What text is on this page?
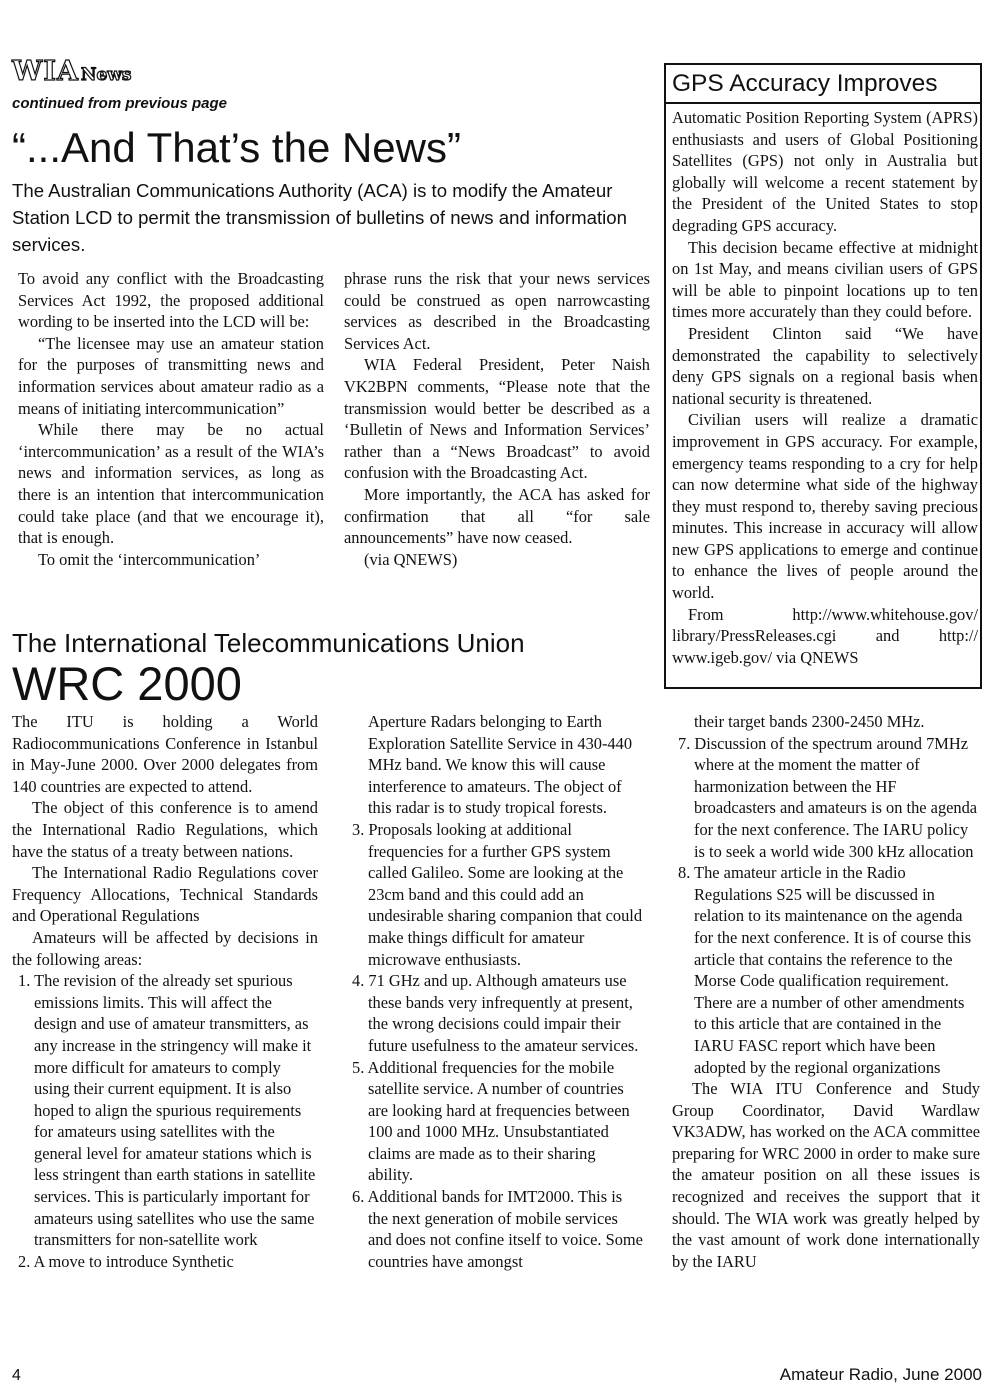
WIA News
continued from previous page
“...And That’s the News”
The Australian Communications Authority (ACA) is to modify the Amateur Station LCD to permit the transmission of bulletins of news and information services.

To avoid any conflict with the Broadcasting Services Act 1992, the proposed additional wording to be inserted into the LCD will be:

“The licensee may use an amateur station for the purposes of transmitting news and information services about amateur radio as a means of initiating intercommunication”

While there may be no actual ‘intercommunication’ as a result of the WIA’s news and information services, as long as there is an intention that intercommunication could take place (and that we encourage it), that is enough.

To omit the ‘intercommunication’

phrase runs the risk that your news services could be construed as open narrowcasting services as described in the Broadcasting Services Act.

WIA Federal President, Peter Naish VK2BPN comments, “Please note that the transmission would better be described as a ‘Bulletin of News and Information Services’ rather than a “News Broadcast” to avoid confusion with the Broadcasting Act.

More importantly, the ACA has asked for confirmation that all “for sale announcements” have now ceased.

(via QNEWS)

GPS Accuracy Improves

Automatic Position Reporting System (APRS) enthusiasts and users of Global Positioning Satellites (GPS) not only in Australia but globally will welcome a recent statement by the President of the United States to stop degrading GPS accuracy.

This decision became effective at midnight on 1st May, and means civilian users of GPS will be able to pinpoint locations up to ten times more accurately than they could before.

President Clinton said “We have demonstrated the capability to selectively deny GPS signals on a regional basis when national security is threatened.

Civilian users will realize a dramatic improvement in GPS accuracy. For example, emergency teams responding to a cry for help can now determine what side of the highway they must respond to, thereby saving precious minutes. This increase in accuracy will allow new GPS applications to emerge and continue to enhance the lives of people around the world.

From http://www.whitehouse.gov/ library/PressReleases.cgi and http:// www.igeb.gov/ via QNEWS

The International Telecommunications Union
WRC 2000

The ITU is holding a World Radiocommunications Conference in Istanbul in May-June 2000. Over 2000 delegates from 140 countries are expected to attend.

The object of this conference is to amend the International Radio Regulations, which have the status of a treaty between nations.

The International Radio Regulations cover Frequency Allocations, Technical Standards and Operational Regulations

Amateurs will be affected by decisions in the following areas:

1. The revision of the already set spurious emissions limits. This will affect the design and use of amateur transmitters, as any increase in the stringency will make it more difficult for amateurs to comply using their current equipment. It is also hoped to align the spurious requirements for amateurs using satellites with the general level for amateur stations which is less stringent than earth stations in satellite services. This is particularly important for amateurs using satellites who use the same transmitters for non-satellite work
2. A move to introduce Synthetic

Aperture Radars belonging to Earth Exploration Satellite Service in 430-440 MHz band. We know this will cause interference to amateurs. The object of this radar is to study tropical forests.

3. Proposals looking at additional frequencies for a further GPS system called Galileo. Some are looking at the 23cm band and this could add an undesirable sharing companion that could make things difficult for amateur microwave enthusiasts.
4. 71 GHz and up. Although amateurs use these bands very infrequently at present, the wrong decisions could impair their future usefulness to the amateur services.
5. Additional frequencies for the mobile satellite service. A number of countries are looking hard at frequencies between 100 and 1000 MHz. Unsubstantiated claims are made as to their sharing ability.
6. Additional bands for IMT2000. This is the next generation of mobile services and does not confine itself to voice. Some countries have amongst

their target bands 2300-2450 MHz.

7. Discussion of the spectrum around 7MHz where at the moment the matter of harmonization between the HF broadcasters and amateurs is on the agenda for the next conference. The IARU policy is to seek a world wide 300 kHz allocation
8. The amateur article in the Radio Regulations S25 will be discussed in relation to its maintenance on the agenda for the next conference. It is of course this article that contains the reference to the Morse Code qualification requirement. There are a number of other amendments to this article that are contained in the IARU FASC report which have been adopted by the regional organizations

The WIA ITU Conference and Study Group Coordinator, David Wardlaw VK3ADW, has worked on the ACA committee preparing for WRC 2000 in order to make sure the amateur position on all these issues is recognized and receives the support that it should. The WIA work was greatly helped by the vast amount of work done internationally by the IARU

4	Amateur Radio, June 2000
